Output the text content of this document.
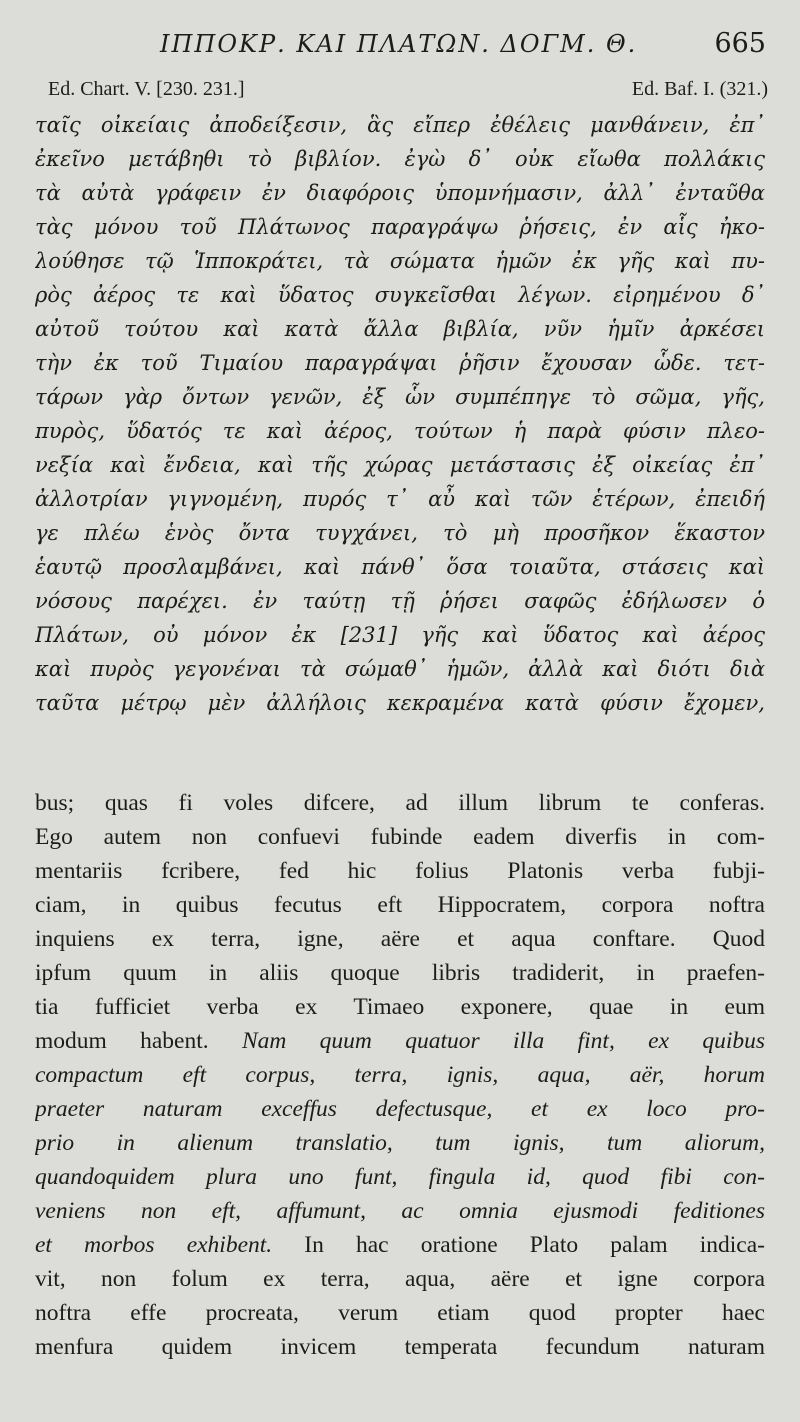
ΙΠΠΟΚΡ. ΚΑΙ ΠΛΑΤΩΝ. ΔΟΓΜ. Θ.	665
Ed. Chart. V. [230. 231.]	Ed. Baf. I. (321.)
ταῖς οἰκείαις ἀποδείξεσιν, ἃς εἴπερ ἐθέλεις μανθάνειν, ἐπ᾽
ἐκεῖνο μετάβηθι τὸ βιβλίον. ἐγὼ δ᾽ οὐκ εἴωθα πολλάκις
τὰ αὐτὰ γράφειν ἐν διαφόροις ὑπομνήμασιν, ἀλλ᾽ ἐνταῦθα
τὰς μόνου τοῦ Πλάτωνος παραγράψω ῥήσεις, ἐν αἷς ἠκο-
λούθησε τῷ Ἱπποκράτει, τὰ σώματα ἡμῶν ἐκ γῆς καὶ πυ-
ρὸς ἀέρος τε καὶ ὕδατος συγκεῖσθαι λέγων. εἰρημένου δ᾽
αὐτοῦ τούτου καὶ κατὰ ἄλλα βιβλία, νῦν ἡμῖν ἀρκέσει
τὴν ἐκ τοῦ Τιμαίου παραγράψαι ῥῆσιν ἔχουσαν ὧδε. τετ-
τάρων γὰρ ὄντων γενῶν, ἐξ ὧν συμπέπηγε τὸ σῶμα, γῆς,
πυρὸς, ὕδατός τε καὶ ἀέρος, τούτων ἡ παρὰ φύσιν πλεο-
νεξία καὶ ἔνδεια, καὶ τῆς χώρας μετάστασις ἐξ οἰκείας ἐπ᾽
ἀλλοτρίαν γιγνομένη, πυρός τ᾽ αὖ καὶ τῶν ἑτέρων, ἐπειδή
γε πλέω ἑνὸς ὄντα τυγχάνει, τὸ μὴ προσῆκον ἕκαστον
ἑαυτῷ προσλαμβάνει, καὶ πάνθ᾽ ὅσα τοιαῦτα, στάσεις καὶ
νόσους παρέχει. ἐν ταύτῃ τῇ ῥήσει σαφῶς ἐδήλωσεν ὁ
Πλάτων, οὐ μόνον ἐκ [231] γῆς καὶ ὕδατος καὶ ἀέρος
καὶ πυρὸς γεγονέναι τὰ σώμαθ᾽ ἡμῶν, ἀλλὰ καὶ διότι διὰ
ταῦτα μέτρῳ μὲν ἀλλήλοις κεκραμένα κατὰ φύσιν ἔχομεν,
bus; quas fi voles difcere, ad illum librum te conferas.
Ego autem non confuevi fubinde eadem diverfis in com-
mentariis fcribere, fed hic folius Platonis verba fubji-
ciam, in quibus fecutus eft Hippocratem, corpora noftra
inquiens ex terra, igne, aëre et aqua conftare. Quod
ipfum quum in aliis quoque libris tradiderit, in praefen-
tia fufficiet verba ex Timaeo exponere, quae in eum
modum habent. Nam quum quatuor illa fint, ex quibus
compactum eft corpus, terra, ignis, aqua, aër, horum
praeter naturam exceffus defectusque, et ex loco pro-
prio in alienum translatio, tum ignis, tum aliorum,
quandoquidem plura uno funt, fingula id, quod fibi con-
veniens non eft, affumunt, ac omnia ejusmodi feditiones
et morbos exhibent. In hac oratione Plato palam indica-
vit, non folum ex terra, aqua, aëre et igne corpora
noftra effe procreata, verum etiam quod propter haec
menfura quidem invicem temperata fecundum naturam
